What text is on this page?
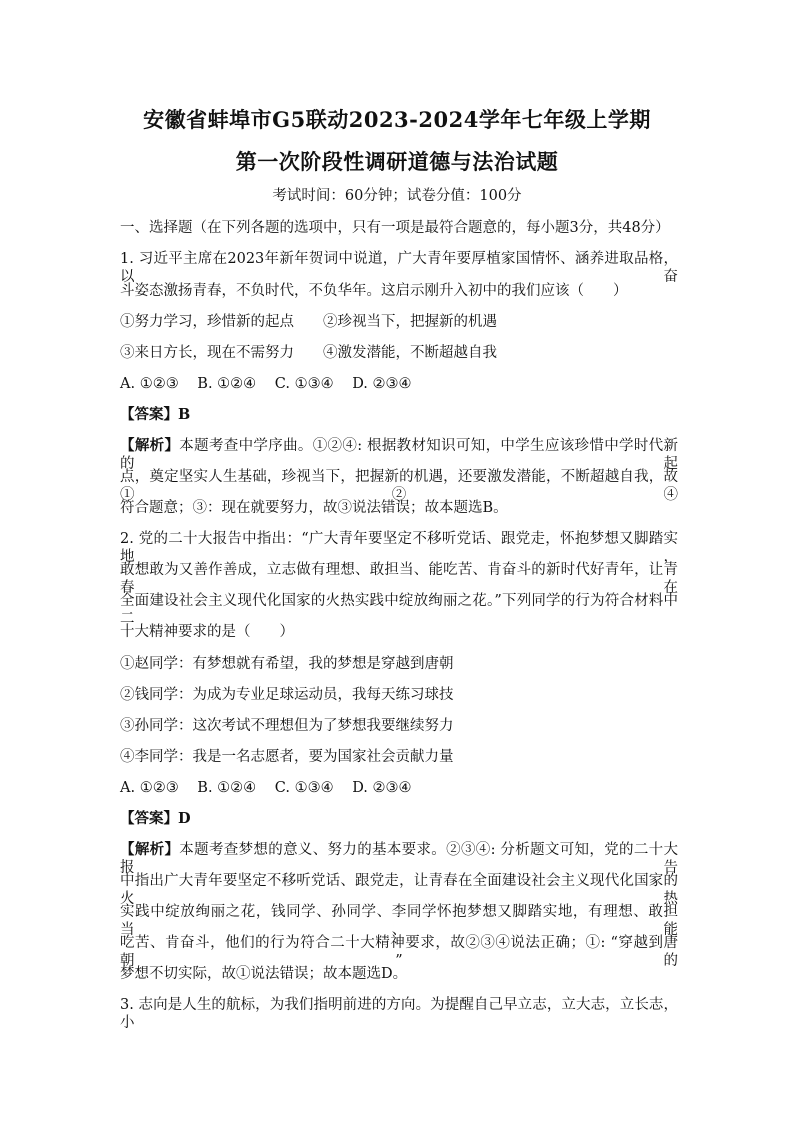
安徽省蚌埠市G5联动2023-2024学年七年级上学期
第一次阶段性调研道德与法治试题
考试时间：60分钟；试卷分值：100分
一、选择题（在下列各题的选项中，只有一项是最符合题意的，每小题3分，共48分）
1. 习近平主席在2023年新年贺词中说道，广大青年要厚植家国情怀、涵养进取品格，以奋
斗姿态激扬青春，不负时代，不负华年。这启示刚升入初中的我们应该（　　）
①努力学习，珍惜新的起点　　②珍视当下，把握新的机遇
③来日方长，现在不需努力　　④激发潜能，不断超越自我
A. ①②③ B. ①②④ C. ①③④ D. ②③④
【答案】B
【解析】本题考查中学序曲。①②④: 根据教材知识可知，中学生应该珍惜中学时代新的起
点，奠定坚实人生基础，珍视当下，把握新的机遇，还要激发潜能，不断超越自我，故①②④
符合题意；③：现在就要努力，故③说法错误；故本题选B。
2. 党的二十大报告中指出：“广大青年要坚定不移听党话、跟党走，怀抱梦想又脚踏实地，
敢想敢为又善作善成，立志做有理想、敢担当、能吃苦、肯奋斗的新时代好青年，让青春在
全面建设社会主义现代化国家的火热实践中绽放绚丽之花。”下列同学的行为符合材料中二
十大精神要求的是（　　）
①赵同学：有梦想就有希望，我的梦想是穿越到唐朝
②钱同学：为成为专业足球运动员，我每天练习球技
③孙同学：这次考试不理想但为了梦想我要继续努力
④李同学：我是一名志愿者，要为国家社会贡献力量
A. ①②③ B. ①②④ C. ①③④ D. ②③④
【答案】D
【解析】本题考查梦想的意义、努力的基本要求。②③④: 分析题文可知，党的二十大报告
中指出广大青年要坚定不移听党话、跟党走，让青春在全面建设社会主义现代化国家的火热
实践中绽放绚丽之花，钱同学、孙同学、李同学怀抱梦想又脚踏实地，有理想、敢担当、能
吃苦、肯奋斗，他们的行为符合二十大精神要求，故②③④说法正确；①: “穿越到唐朝”的
梦想不切实际，故①说法错误；故本题选D。
3. 志向是人生的航标，为我们指明前进的方向。为提醒自己早立志，立大志，立长志，小
